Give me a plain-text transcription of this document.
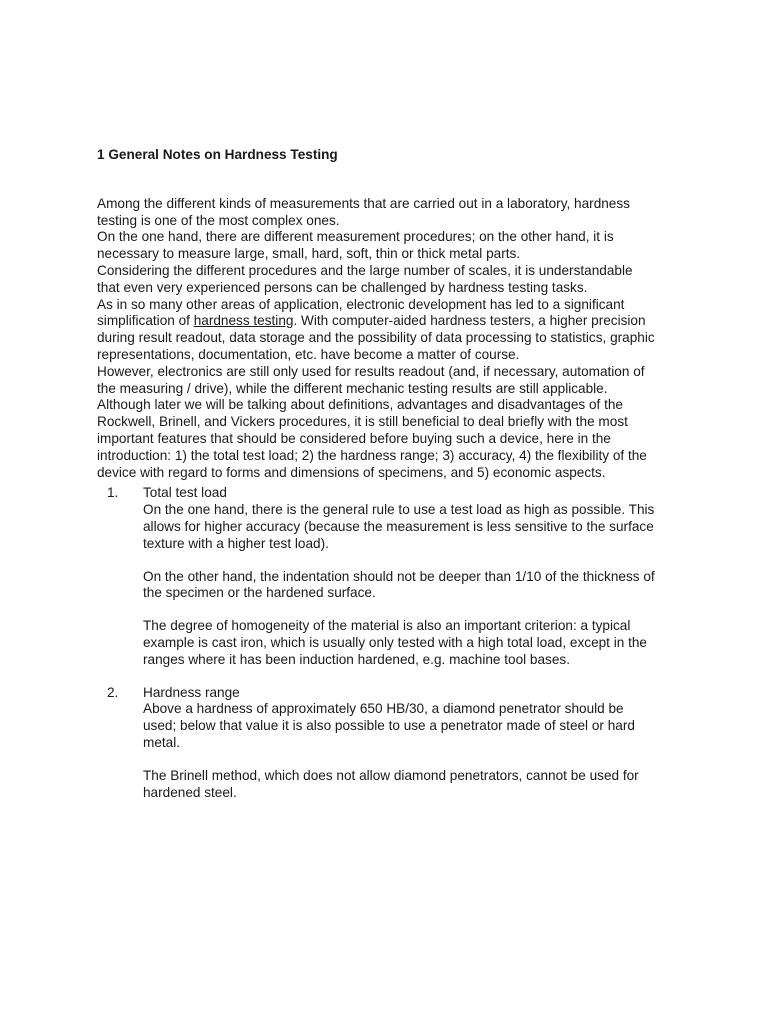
1 General Notes on Hardness Testing

Among the different kinds of measurements that are carried out in a laboratory, hardness testing is one of the most complex ones.

On the one hand, there are different measurement procedures; on the other hand, it is necessary to measure large, small, hard, soft, thin or thick metal parts.

Considering the different procedures and the large number of scales, it is understandable that even very experienced persons can be challenged by hardness testing tasks.

As in so many other areas of application, electronic development has led to a significant simplification of hardness testing. With computer-aided hardness testers, a higher precision during result readout, data storage and the possibility of data processing to statistics, graphic representations, documentation, etc. have become a matter of course.

However, electronics are still only used for results readout (and, if necessary, automation of the measuring / drive), while the different mechanic testing results are still applicable.

Although later we will be talking about definitions, advantages and disadvantages of the Rockwell, Brinell, and Vickers procedures, it is still beneficial to deal briefly with the most important features that should be considered before buying such a device, here in the introduction: 1) the total test load; 2) the hardness range; 3) accuracy, 4) the flexibility of the device with regard to forms and dimensions of specimens, and 5) economic aspects.

1. Total test load

On the one hand, there is the general rule to use a test load as high as possible. This allows for higher accuracy (because the measurement is less sensitive to the surface texture with a higher test load).

On the other hand, the indentation should not be deeper than 1/10 of the thickness of the specimen or the hardened surface.

The degree of homogeneity of the material is also an important criterion: a typical example is cast iron, which is usually only tested with a high total load, except in the ranges where it has been induction hardened, e.g. machine tool bases.

2. Hardness range

Above a hardness of approximately 650 HB/30, a diamond penetrator should be used; below that value it is also possible to use a penetrator made of steel or hard metal.

The Brinell method, which does not allow diamond penetrators, cannot be used for hardened steel.
